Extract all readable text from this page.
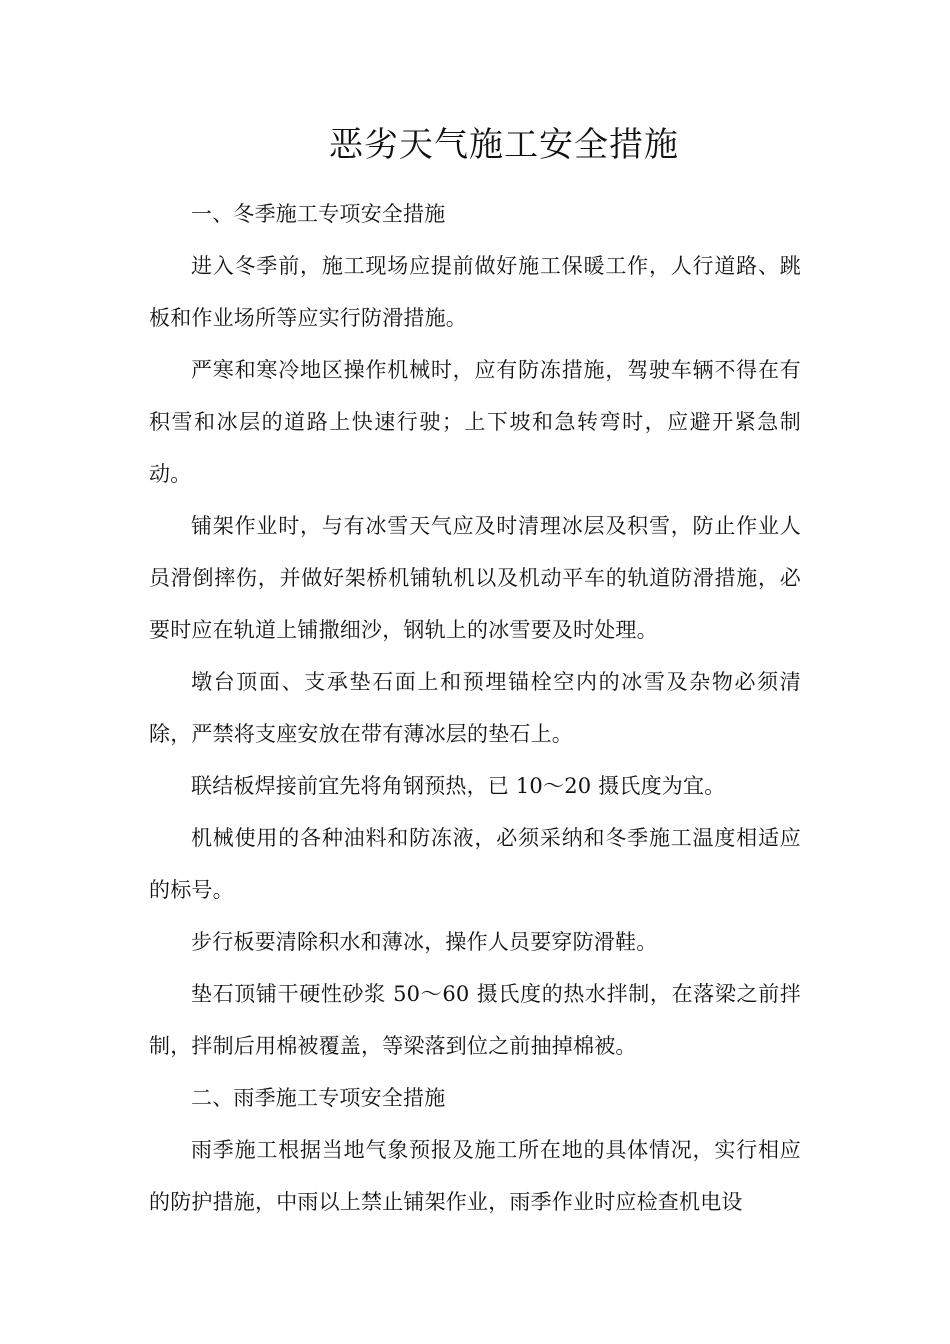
恶劣天气施工安全措施

一、冬季施工专项安全措施

进入冬季前，施工现场应提前做好施工保暖工作，人行道路、跳板和作业场所等应实行防滑措施。

严寒和寒冷地区操作机械时，应有防冻措施，驾驶车辆不得在有积雪和冰层的道路上快速行驶；上下坡和急转弯时，应避开紧急制动。

铺架作业时，与有冰雪天气应及时清理冰层及积雪，防止作业人员滑倒摔伤，并做好架桥机铺轨机以及机动平车的轨道防滑措施，必要时应在轨道上铺撒细沙，钢轨上的冰雪要及时处理。

墩台顶面、支承垫石面上和预埋锚栓空内的冰雪及杂物必须清除，严禁将支座安放在带有薄冰层的垫石上。

联结板焊接前宜先将角钢预热，已 10～20 摄氏度为宜。

机械使用的各种油料和防冻液，必须采纳和冬季施工温度相适应的标号。

步行板要清除积水和薄冰，操作人员要穿防滑鞋。

垫石顶铺干硬性砂浆 50～60 摄氏度的热水拌制，在落梁之前拌制，拌制后用棉被覆盖，等梁落到位之前抽掉棉被。

二、雨季施工专项安全措施

雨季施工根据当地气象预报及施工所在地的具体情况，实行相应的防护措施，中雨以上禁止铺架作业，雨季作业时应检查机电设
